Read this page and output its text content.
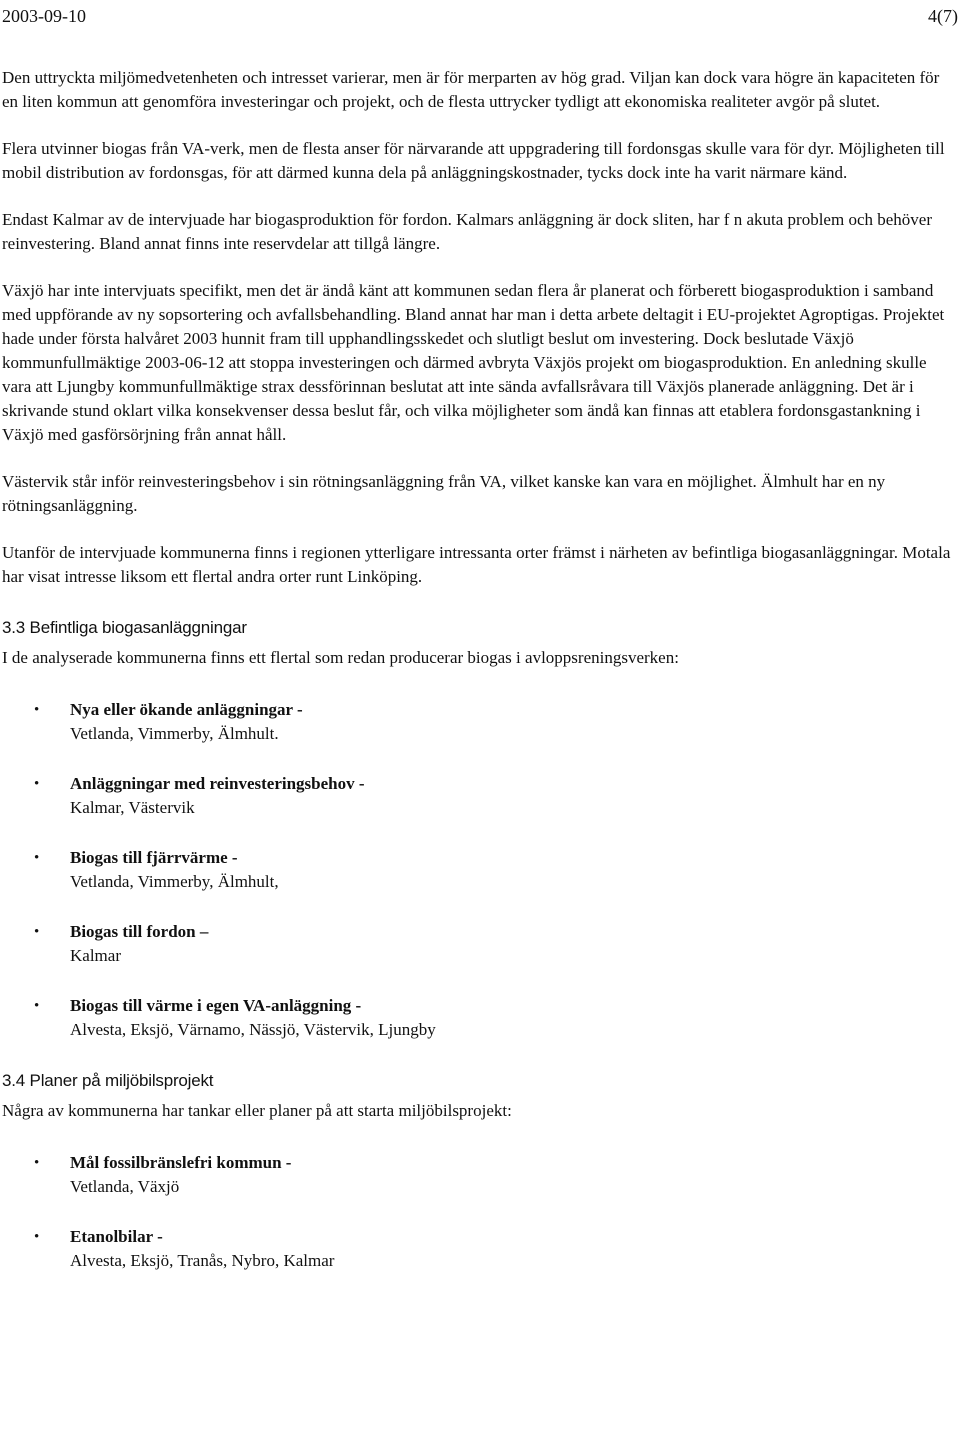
2003-09-10	4(7)

Den uttryckta miljömedvetenheten och intresset varierar, men är för merparten av hög grad. Viljan kan dock vara högre än kapaciteten för en liten kommun att genomföra investeringar och projekt, och de flesta uttrycker tydligt att ekonomiska realiteter avgör på slutet.

Flera utvinner biogas från VA-verk, men de flesta anser för närvarande att uppgradering till fordonsgas skulle vara för dyr. Möjligheten till mobil distribution av fordonsgas, för att därmed kunna dela på anläggningskostnader, tycks dock inte ha varit närmare känd.

Endast Kalmar av de intervjuade har biogasproduktion för fordon. Kalmars anläggning är dock sliten, har f n akuta problem och behöver reinvestering. Bland annat finns inte reservdelar att tillgå längre.

Växjö har inte intervjuats specifikt, men det är ändå känt att kommunen sedan flera år planerat och förberett biogasproduktion i samband med uppförande av ny sopsortering och avfallsbehandling. Bland annat har man i detta arbete deltagit i EU-projektet Agroptigas. Projektet hade under första halvåret 2003 hunnit fram till upphandlingsskedet och slutligt beslut om investering. Dock beslutade Växjö kommunfullmäktige 2003-06-12 att stoppa investeringen och därmed avbryta Växjös projekt om biogasproduktion. En anledning skulle vara att Ljungby kommunfullmäktige strax dessförinnan beslutat att inte sända avfallsråvara till Växjös planerade anläggning. Det är i skrivande stund oklart vilka konsekvenser dessa beslut får, och vilka möjligheter som ändå kan finnas att etablera fordonsgastankning i Växjö med gasförsörjning från annat håll.

Västervik står inför reinvesteringsbehov i sin rötningsanläggning från VA, vilket kanske kan vara en möjlighet. Älmhult har en ny rötningsanläggning.

Utanför de intervjuade kommunerna finns i regionen ytterligare intressanta orter främst i närheten av befintliga biogasanläggningar. Motala har visat intresse liksom ett flertal andra orter runt Linköping.

3.3 Befintliga biogasanläggningar

I de analyserade kommunerna finns ett flertal som redan producerar biogas i avloppsreningsverken:

• Nya eller ökande anläggningar -
Vetlanda, Vimmerby, Älmhult.
• Anläggningar med reinvesteringsbehov -
Kalmar, Västervik
• Biogas till fjärrvärme -
Vetlanda, Vimmerby, Älmhult,
• Biogas till fordon –
Kalmar
• Biogas till värme i egen VA-anläggning -
Alvesta, Eksjö, Värnamo, Nässjö, Västervik, Ljungby
3.4 Planer på miljöbilsprojekt

Några av kommunerna har tankar eller planer på att starta miljöbilsprojekt:

• Mål fossilbränslefri kommun -
Vetlanda, Växjö
• Etanolbilar -
Alvesta, Eksjö, Tranås, Nybro, Kalmar
